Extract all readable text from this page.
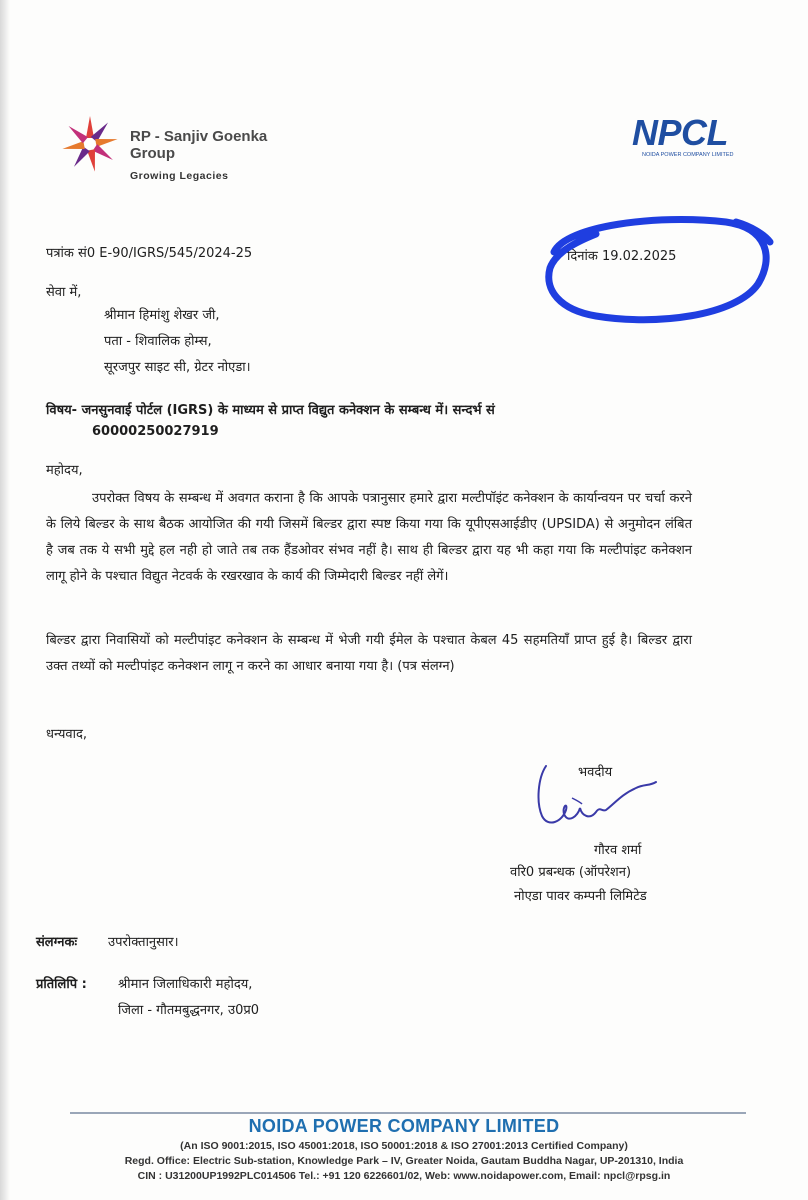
RP - Sanjiv Goenka Group
Growing Legacies
NPCL
NOIDA POWER COMPANY LIMITED
पत्रांक सं0 E-90/IGRS/545/2024-25	दिनांक 19.02.2025
सेवा में,
श्रीमान हिमांशु शेखर जी,
पता - शिवालिक होम्स,
सूरजपुर साइट सी, ग्रेटर नोएडा।
विषय- जनसुनवाई पोर्टल (IGRS) के माध्यम से प्राप्त विद्युत कनेक्शन के सम्बन्ध में। सन्दर्भ सं
60000250027919
महोदय,
उपरोक्त विषय के सम्बन्ध में अवगत कराना है कि आपके पत्रानुसार हमारे द्वारा मल्टीपॉइंट कनेक्शन के कार्यान्वयन पर चर्चा करने के लिये बिल्डर के साथ बैठक आयोजित की गयी जिसमें बिल्डर द्वारा स्पष्ट किया गया कि यूपीएसआईडीए (UPSIDA) से अनुमोदन लंबित है जब तक ये सभी मुद्दे हल नही हो जाते तब तक हैंडओवर संभव नहीं है। साथ ही बिल्डर द्वारा यह भी कहा गया कि मल्टीपांइट कनेक्शन लागू होने के पश्चात विद्युत नेटवर्क के रखरखाव के कार्य की जिम्मेदारी बिल्डर नहीं लेगें।
बिल्डर द्वारा निवासियों को मल्टीपांइट कनेक्शन के सम्बन्ध में भेजी गयी ईमेल के पश्चात केबल 45 सहमतियाँ प्राप्त हुई है। बिल्डर द्वारा उक्त तथ्यों को मल्टीपांइट कनेक्शन लागू न करने का आधार बनाया गया है। (पत्र संलग्न)
धन्यवाद,
भवदीय
गौरव शर्मा
वरि0 प्रबन्धक (ऑपरेशन)
नोएडा पावर कम्पनी लिमिटेड
संलग्नकः उपरोक्तानुसार।
प्रतिलिपि : श्रीमान जिलाधिकारी महोदय,
जिला - गौतमबुद्धनगर, उ0प्र0
NOIDA POWER COMPANY LIMITED
(An ISO 9001:2015, ISO 45001:2018, ISO 50001:2018 & ISO 27001:2013 Certified Company)
Regd. Office: Electric Sub-station, Knowledge Park – IV, Greater Noida, Gautam Buddha Nagar, UP-201310, India
CIN : U31200UP1992PLC014506 Tel.: +91 120 6226601/02, Web: www.noidapower.com, Email: npcl@rpsg.in
